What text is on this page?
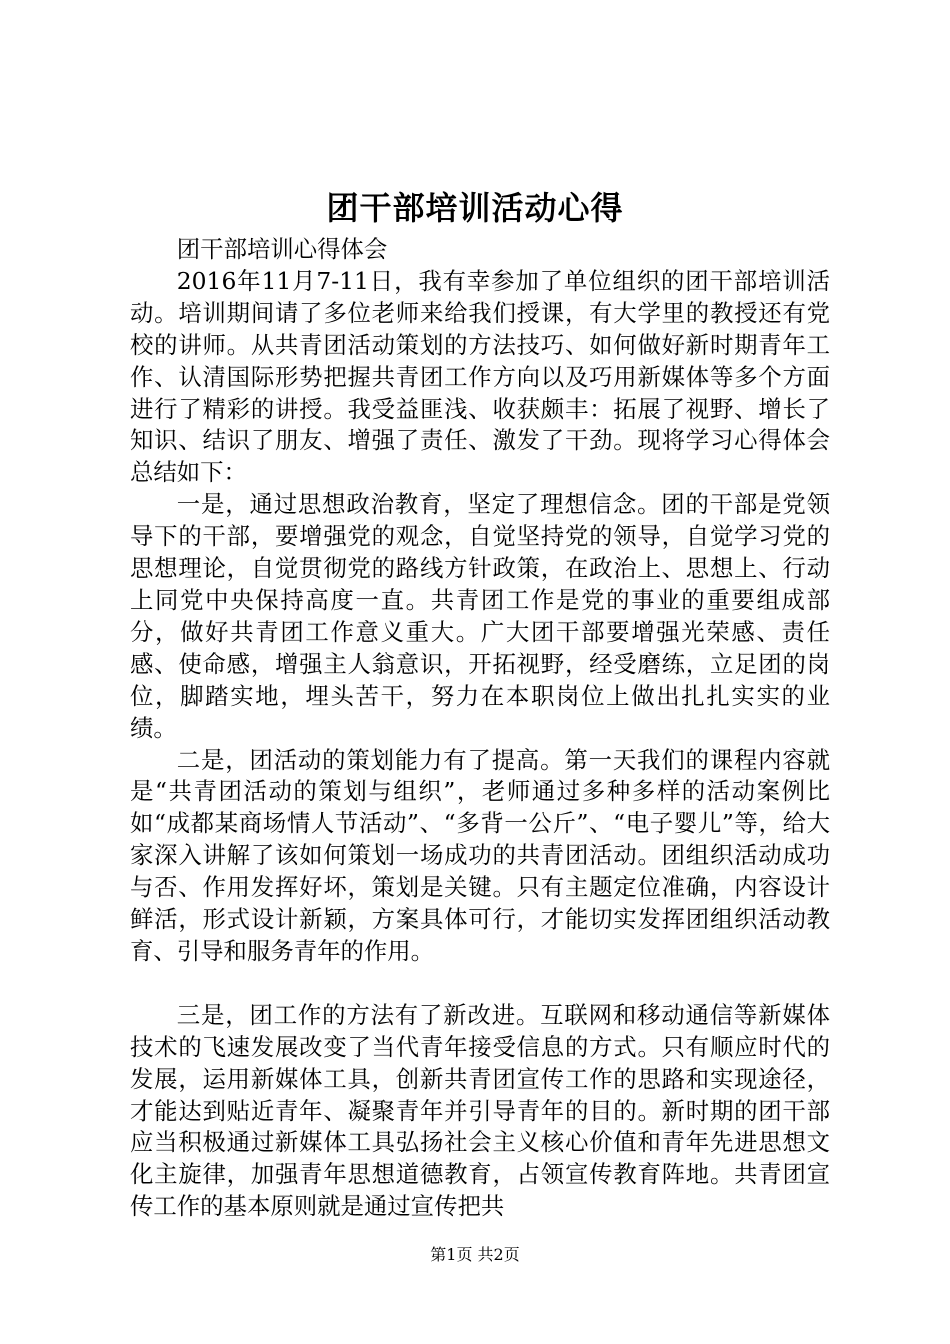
团干部培训活动心得

团干部培训心得体会

2016年11月7-11日，我有幸参加了单位组织的团干部培训活动。培训期间请了多位老师来给我们授课，有大学里的教授还有党校的讲师。从共青团活动策划的方法技巧、如何做好新时期青年工作、认清国际形势把握共青团工作方向以及巧用新媒体等多个方面进行了精彩的讲授。我受益匪浅、收获颇丰：拓展了视野、增长了知识、结识了朋友、增强了责任、激发了干劲。现将学习心得体会总结如下：

一是，通过思想政治教育，坚定了理想信念。团的干部是党领导下的干部，要增强党的观念，自觉坚持党的领导，自觉学习党的思想理论，自觉贯彻党的路线方针政策，在政治上、思想上、行动上同党中央保持高度一直。共青团工作是党的事业的重要组成部分，做好共青团工作意义重大。广大团干部要增强光荣感、责任感、使命感，增强主人翁意识，开拓视野，经受磨练，立足团的岗位，脚踏实地，埋头苦干，努力在本职岗位上做出扎扎实实的业绩。

二是，团活动的策划能力有了提高。第一天我们的课程内容就是“共青团活动的策划与组织”，老师通过多种多样的活动案例比如“成都某商场情人节活动”、“多背一公斤”、“电子婴儿”等，给大家深入讲解了该如何策划一场成功的共青团活动。团组织活动成功与否、作用发挥好坏，策划是关键。只有主题定位准确，内容设计鲜活，形式设计新颖，方案具体可行，才能切实发挥团组织活动教育、引导和服务青年的作用。

三是，团工作的方法有了新改进。互联网和移动通信等新媒体技术的飞速发展改变了当代青年接受信息的方式。只有顺应时代的发展，运用新媒体工具，创新共青团宣传工作的思路和实现途径，才能达到贴近青年、凝聚青年并引导青年的目的。新时期的团干部应当积极通过新媒体工具弘扬社会主义核心价值和青年先进思想文化主旋律，加强青年思想道德教育，占领宣传教育阵地。共青团宣传工作的基本原则就是通过宣传把共

第1页 共2页
